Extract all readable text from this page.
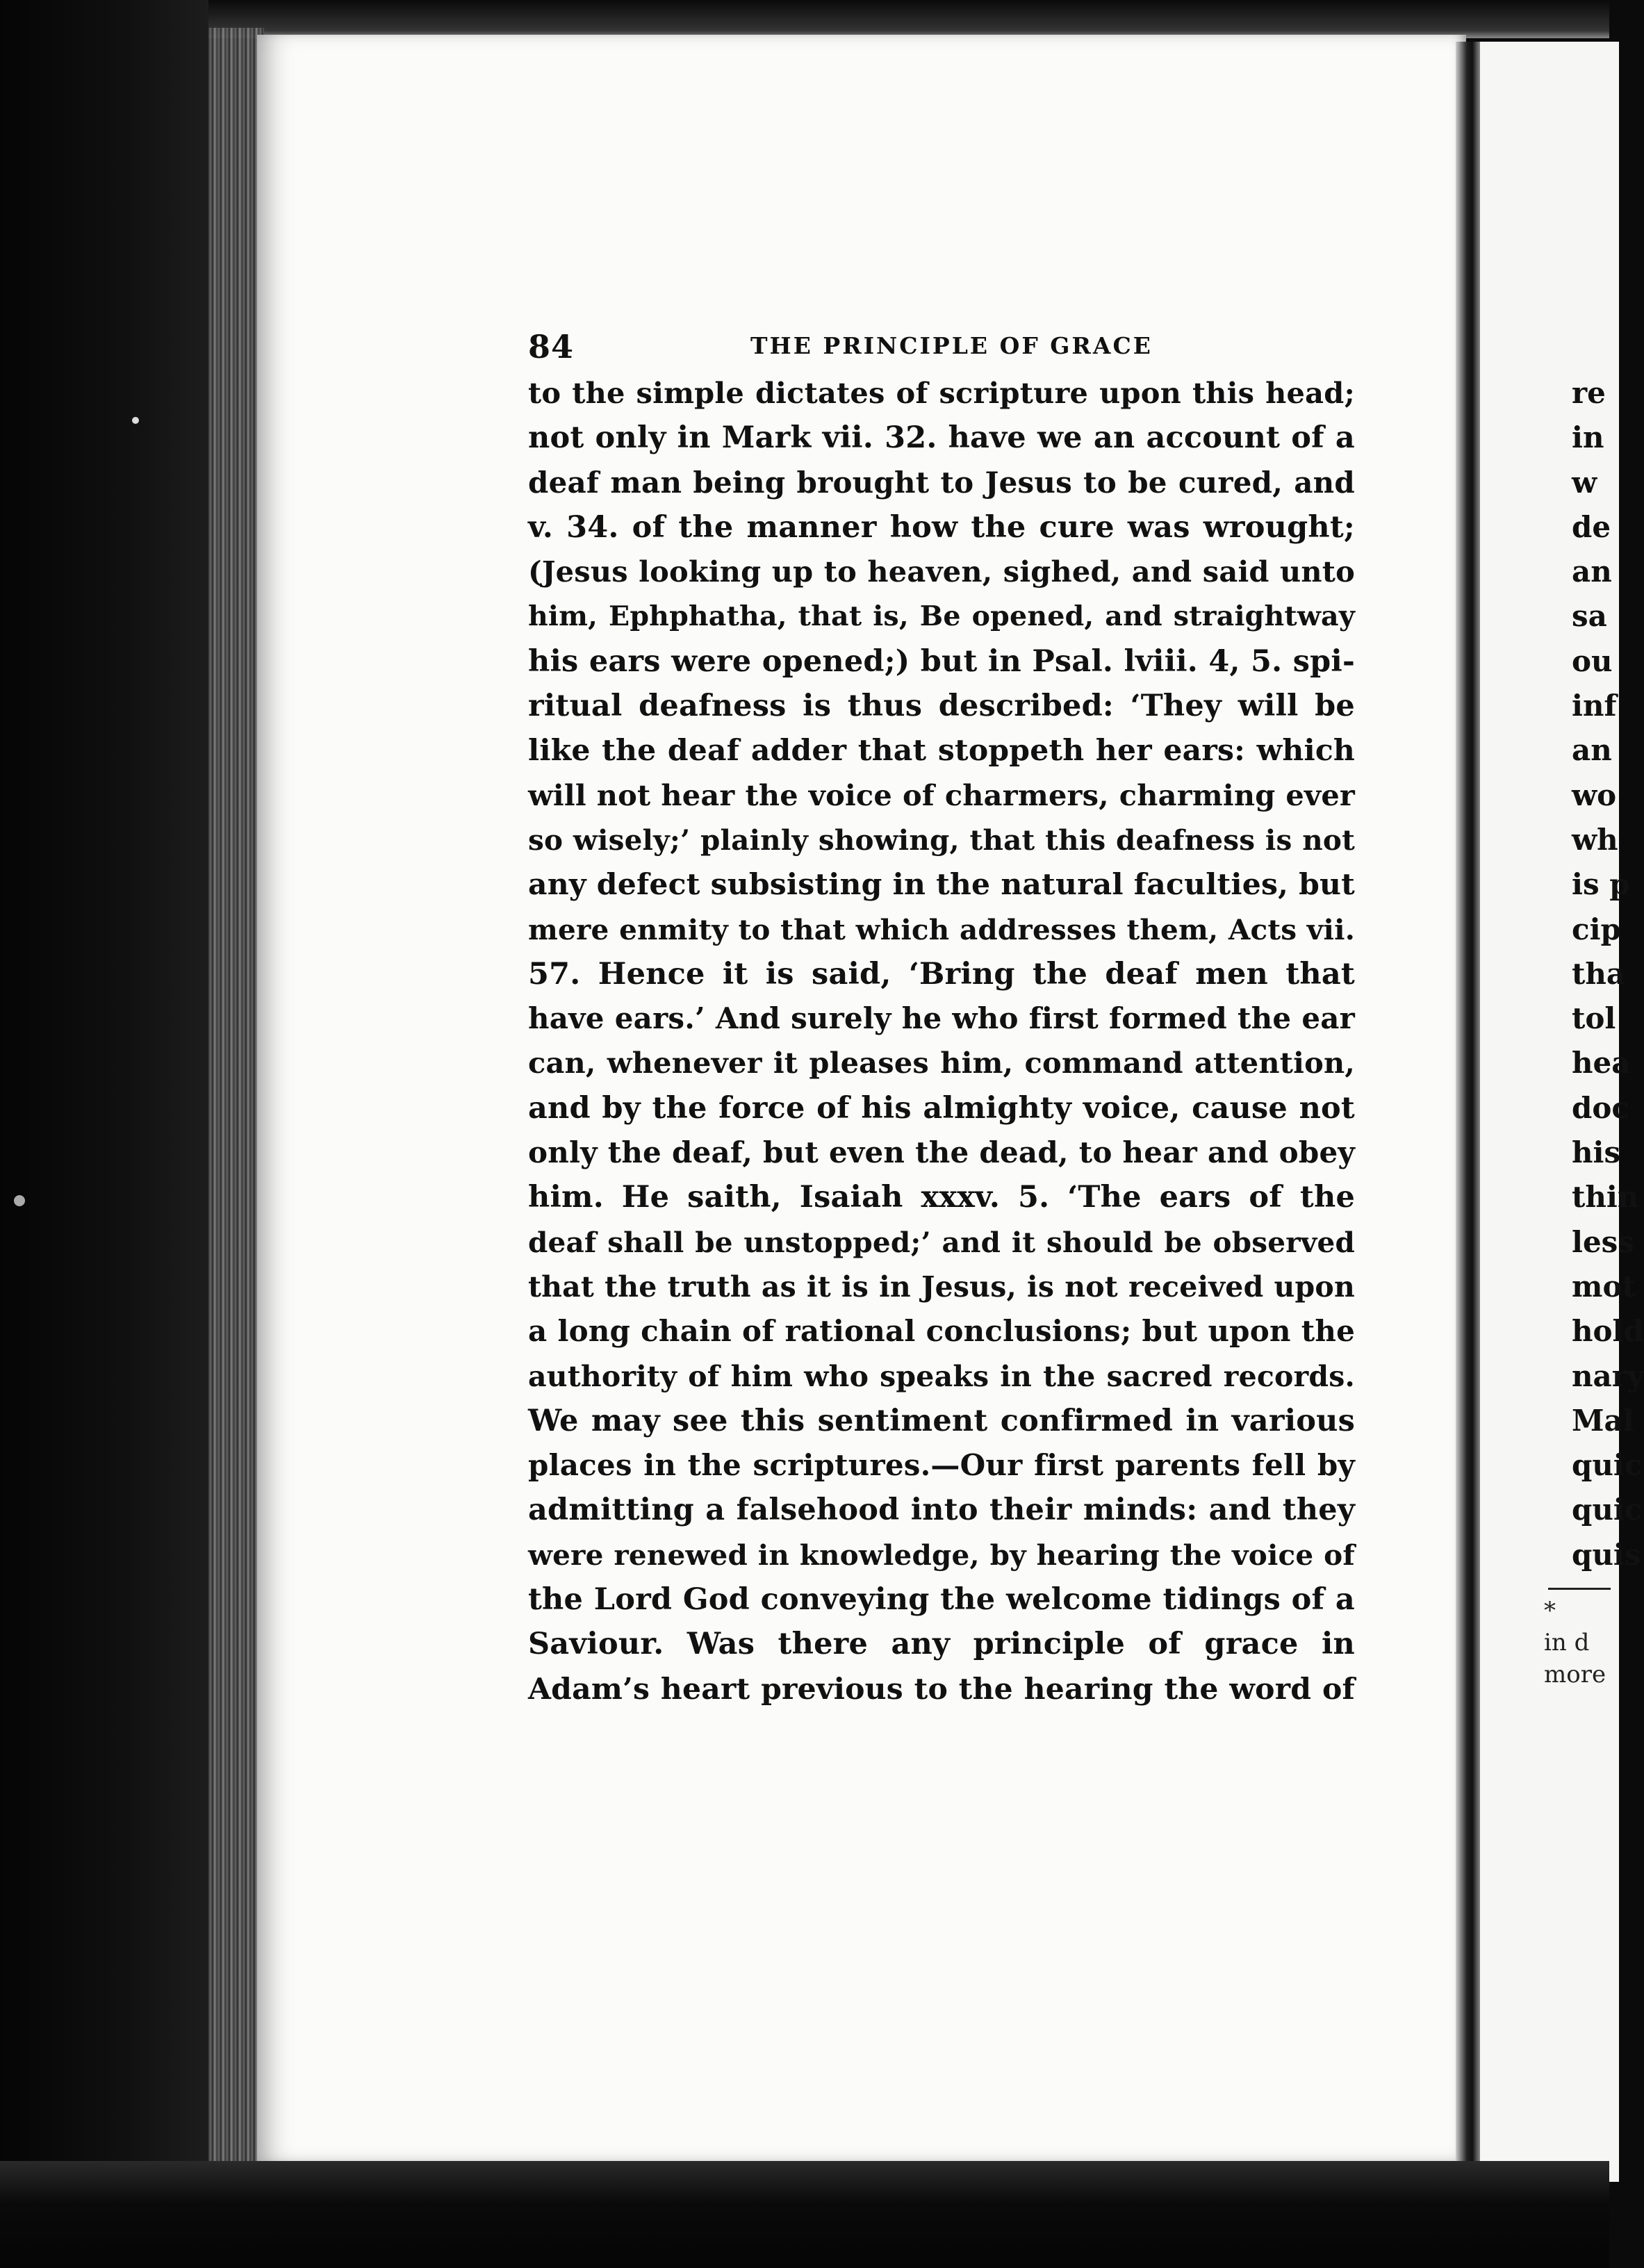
84	THE PRINCIPLE OF GRACE
to the simple dictates of scripture upon this head;
not only in Mark vii. 32. have we an account of a
deaf man being brought to Jesus to be cured, and
v. 34. of the manner how the cure was wrought;
(Jesus looking up to heaven, sighed, and said unto
him, Ephphatha, that is, Be opened, and straightway
his ears were opened;) but in Psal. lviii. 4, 5. spi-
ritual deafness is thus described: ‘They will be
like the deaf adder that stoppeth her ears: which
will not hear the voice of charmers, charming ever
so wisely;’ plainly showing, that this deafness is not
any defect subsisting in the natural faculties, but
mere enmity to that which addresses them, Acts vii.
57. Hence it is said, ‘Bring the deaf men that
have ears.’ And surely he who first formed the ear
can, whenever it pleases him, command attention,
and by the force of his almighty voice, cause not
only the deaf, but even the dead, to hear and obey
him. He saith, Isaiah xxxv. 5. ‘The ears of the
deaf shall be unstopped;’ and it should be observed
that the truth as it is in Jesus, is not received upon
a long chain of rational conclusions; but upon the
authority of him who speaks in the sacred records.
We may see this sentiment confirmed in various
places in the scriptures.—Our first parents fell by
admitting a falsehood into their minds: and they
were renewed in knowledge, by hearing the voice of
the Lord God conveying the welcome tidings of a
Saviour. Was there any principle of grace in
Adam’s heart previous to the hearing the word of
re
in
w
de
an
sa
ou
inf
an
wo
wh
is p
cip
tha
tol
hea
doc
his
thin
less
mot
hold
nary
Mal
quic
quic
quis
*
in d
more
